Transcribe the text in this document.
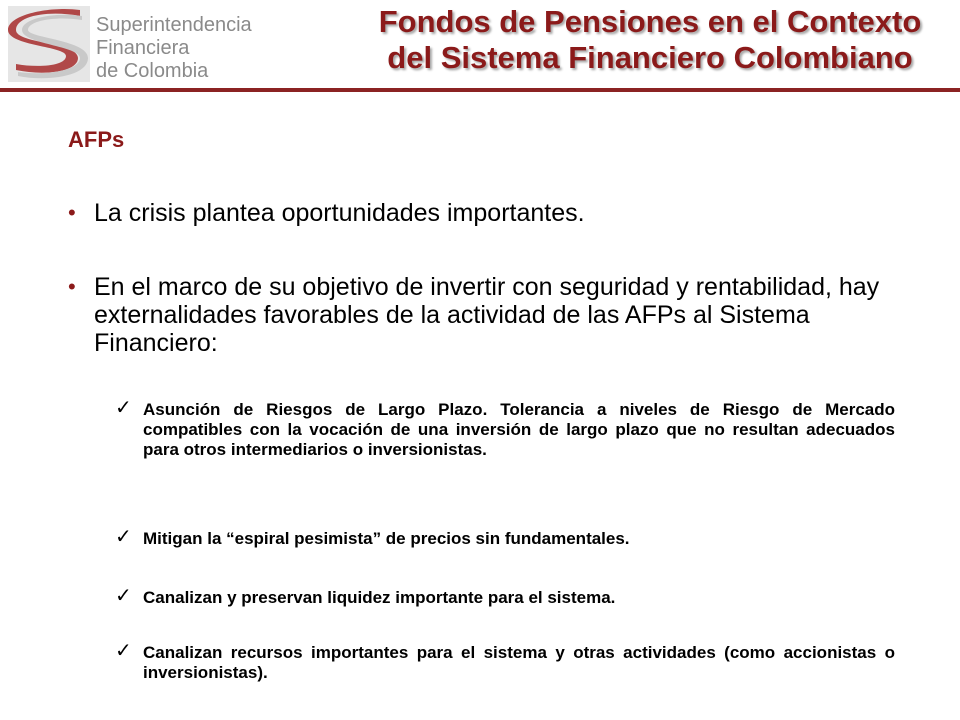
Superintendencia
Financiera
de Colombia
Fondos de Pensiones en el Contexto
del Sistema Financiero Colombiano
AFPs
• La crisis plantea oportunidades importantes.
• En el marco de su objetivo de invertir con seguridad y rentabilidad, hay externalidades favorables de la actividad de las AFPs al Sistema Financiero:
✓ Asunción de Riesgos de Largo Plazo. Tolerancia a niveles de Riesgo de Mercado compatibles con la vocación de una inversión de largo plazo que no resultan adecuados para otros intermediarios o inversionistas.
✓ Mitigan la “espiral pesimista” de precios sin fundamentales.
✓ Canalizan y preservan liquidez importante para el sistema.
✓ Canalizan recursos importantes para el sistema y otras actividades (como accionistas o inversionistas).
